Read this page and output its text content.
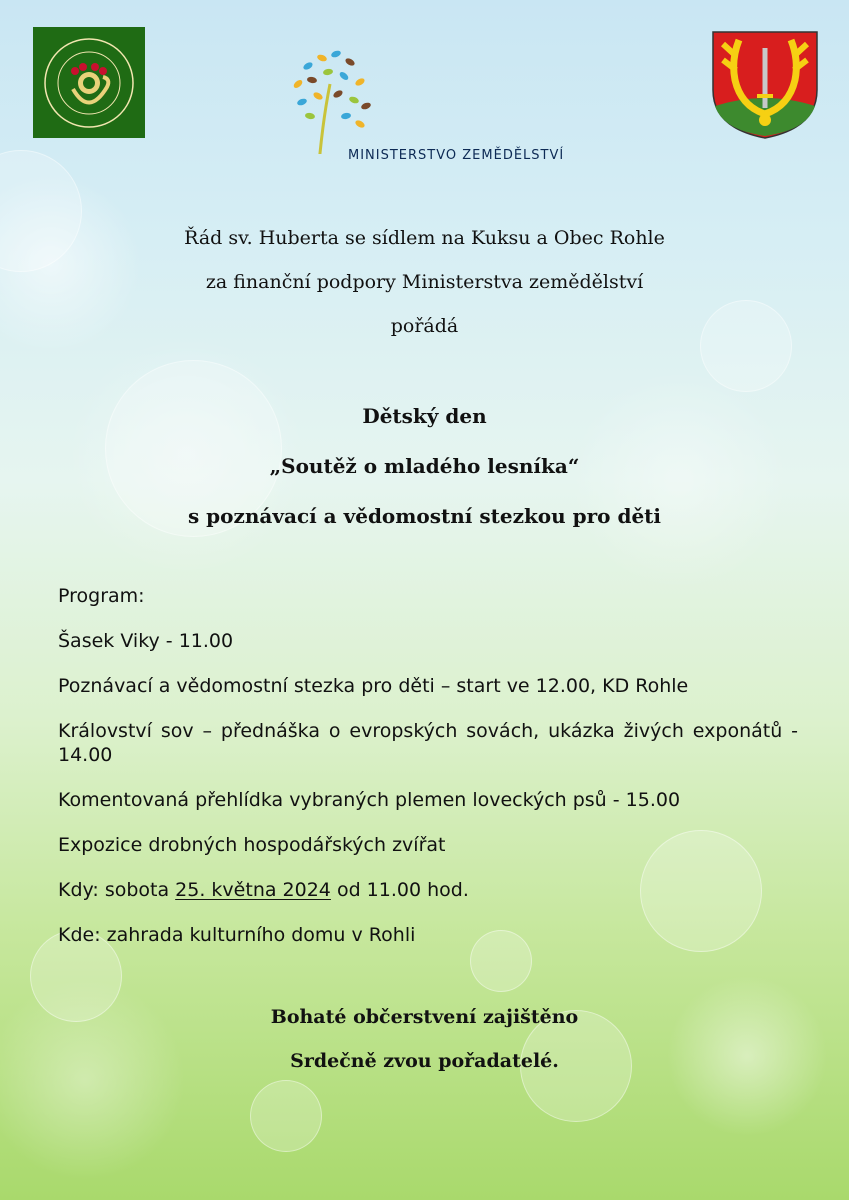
MINISTERSTVO ZEMĚDĚLSTVÍ
Řád sv. Huberta se sídlem na Kuksu a Obec Rohle
za finanční podpory Ministerstva zemědělství
pořádá
Dětský den
„Soutěž o mladého lesníka“
s poznávací a vědomostní stezkou pro děti
Program:
Šasek Viky - 11.00
Poznávací a vědomostní stezka pro děti – start ve 12.00, KD Rohle
Království sov – přednáška o evropských sovách, ukázka živých exponátů - 14.00
Komentovaná přehlídka vybraných plemen loveckých psů - 15.00
Expozice drobných hospodářských zvířat
Kdy: sobota 25. května 2024 od 11.00 hod.
Kde: zahrada kulturního domu v Rohli
Bohaté občerstvení zajištěno
Srdečně zvou pořadatelé.
